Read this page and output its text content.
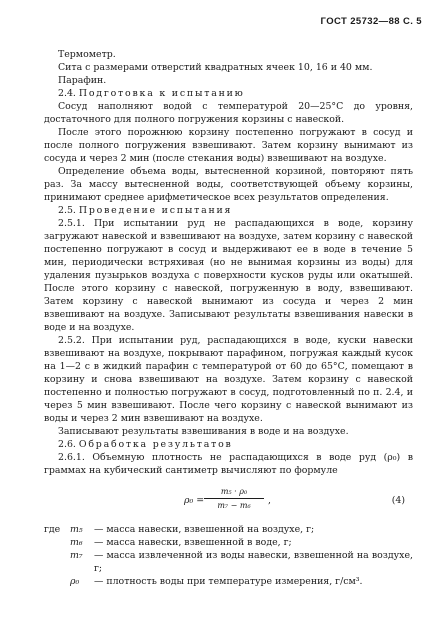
ГОСТ 25732—88 С. 5

Термометр.

Сита с размерами отверстий квадратных ячеек 10, 16 и 40 мм.

Парафин.

2.4. Подготовка к испытанию

Сосуд наполняют водой с температурой 20—25°С до уровня, достаточного для полного погружения корзины с навеской.

После этого порожнюю корзину постепенно погружают в сосуд и после полного погружения взвешивают. Затем корзину вынимают из сосуда и через 2 мин (после стекания воды) взвешивают на воздухе.

Определение объема воды, вытесненной корзиной, повторяют пять раз. За массу вытесненной воды, соответствующей объему корзины, принимают среднее арифметическое всех результатов определения.

2.5. Проведение испытания

2.5.1. При испытании руд не распадающихся в воде, корзину загружают навеской и взвешивают на воздухе, затем корзину с навеской постепенно погружают в сосуд и выдерживают ее в воде в течение 5 мин, периодически встряхивая (но не вынимая корзины из воды) для удаления пузырьков воздуха с поверхности кусков руды или окатышей. После этого корзину с навеской, погруженную в воду, взвешивают. Затем корзину с навеской вынимают из сосуда и через 2 мин взвешивают на воздухе. Записывают результаты взвешивания навески в воде и на воздухе.

2.5.2. При испытании руд, распадающихся в воде, куски навески взвешивают на воздухе, покрывают парафином, погружая каждый кусок на 1—2 с в жидкий парафин с температурой от 60 до 65°С, помещают в корзину и снова взвешивают на воздухе. Затем корзину с навеской постепенно и полностью погружают в сосуд, подготовленный по п. 2.4, и через 5 мин взвешивают. После чего корзину с навеской вынимают из воды и через 2 мин взвешивают на воздухе.

Записывают результаты взвешивания в воде и на воздухе.

2.6. Обработка результатов

2.6.1. Объемную плотность не распадающихся в воде руд (ρ₀) в граммах на кубический сантиметр вычисляют по формуле

$\rho_0 = \frac{\text{m₅ · ρ₀}}{\text{m₇ − m₆}}$ ,	(4)
где	m₅	— масса навески, взвешенной на воздухе, г;
	m₆	— масса навески, взвешенной в воде, г;
	m₇	— масса извлеченной из воды навески, взвешенной на воздухе, г;
	ρ₀	— плотность воды при температуре измерения, г/см³.
